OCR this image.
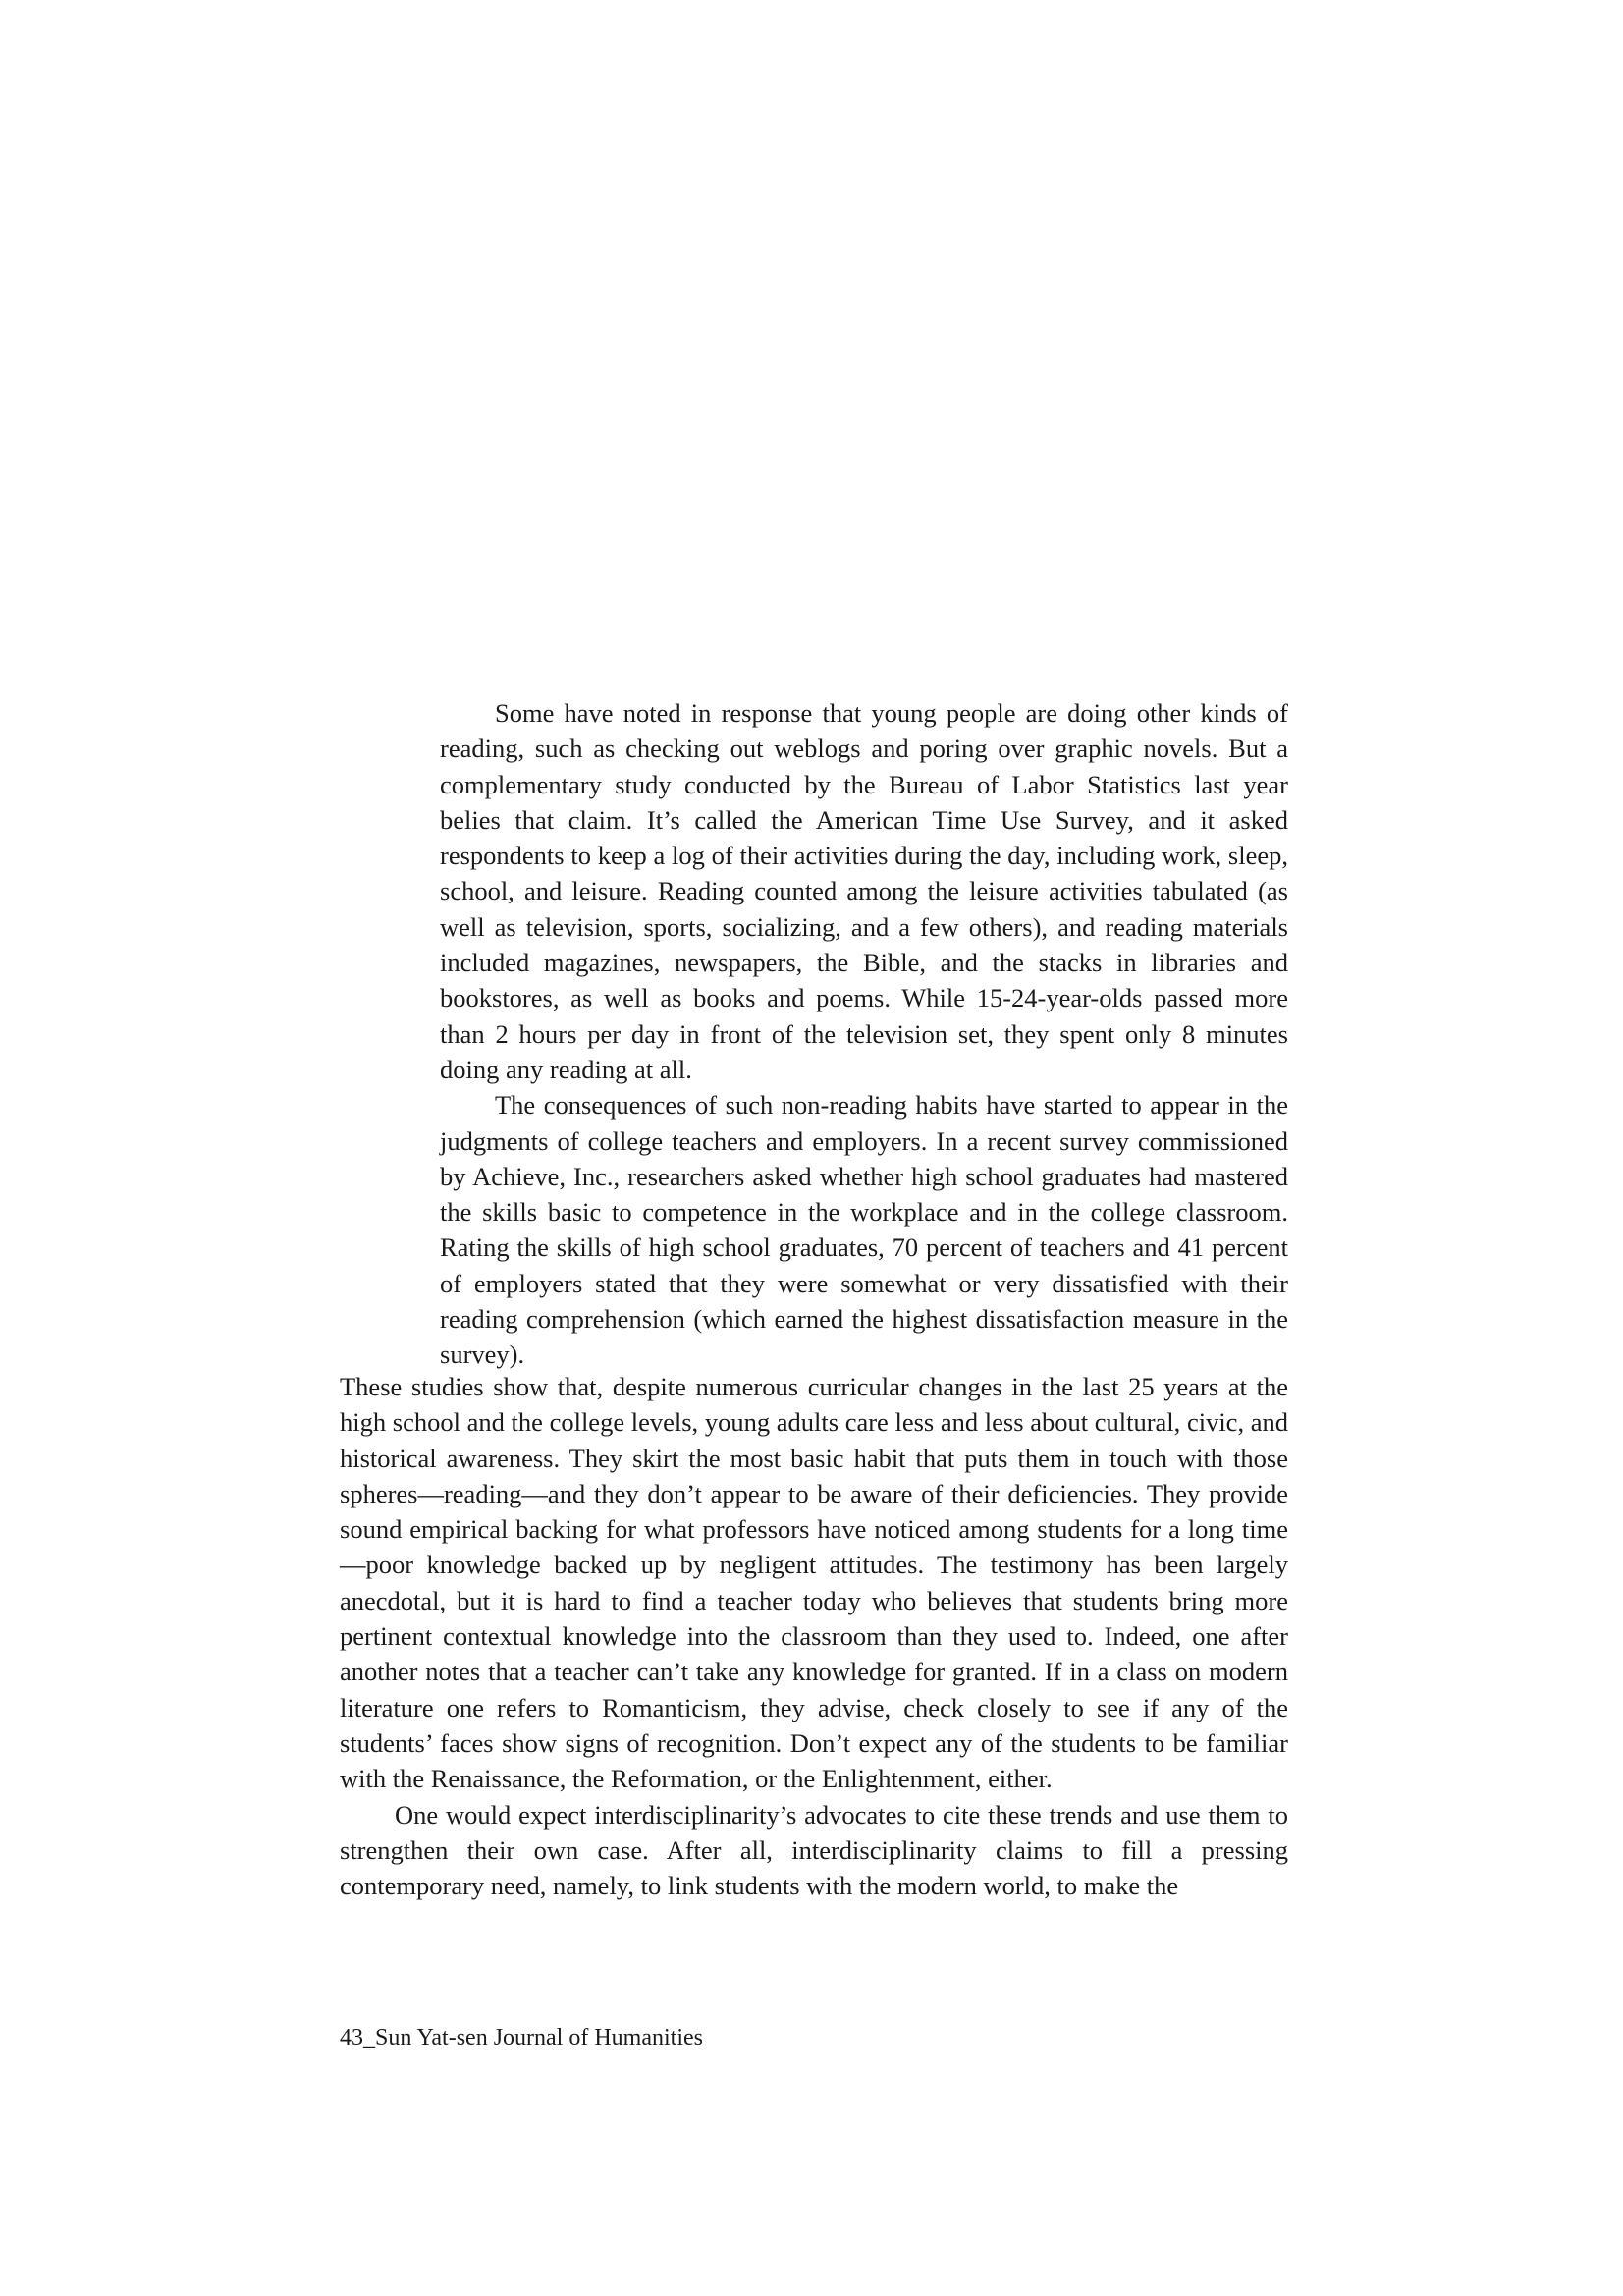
Some have noted in response that young people are doing other kinds of reading, such as checking out weblogs and poring over graphic novels. But a complementary study conducted by the Bureau of Labor Statistics last year belies that claim. It’s called the American Time Use Survey, and it asked respondents to keep a log of their activities during the day, including work, sleep, school, and leisure. Reading counted among the leisure activities tabulated (as well as television, sports, socializing, and a few others), and reading materials included magazines, newspapers, the Bible, and the stacks in libraries and bookstores, as well as books and poems. While 15-24-year-olds passed more than 2 hours per day in front of the television set, they spent only 8 minutes doing any reading at all.

The consequences of such non-reading habits have started to appear in the judgments of college teachers and employers. In a recent survey commissioned by Achieve, Inc., researchers asked whether high school graduates had mastered the skills basic to competence in the workplace and in the college classroom. Rating the skills of high school graduates, 70 percent of teachers and 41 percent of employers stated that they were somewhat or very dissatisfied with their reading comprehension (which earned the highest dissatisfaction measure in the survey).

These studies show that, despite numerous curricular changes in the last 25 years at the high school and the college levels, young adults care less and less about cultural, civic, and historical awareness. They skirt the most basic habit that puts them in touch with those spheres—reading—and they don’t appear to be aware of their deficiencies. They provide sound empirical backing for what professors have noticed among students for a long time—poor knowledge backed up by negligent attitudes. The testimony has been largely anecdotal, but it is hard to find a teacher today who believes that students bring more pertinent contextual knowledge into the classroom than they used to. Indeed, one after another notes that a teacher can’t take any knowledge for granted. If in a class on modern literature one refers to Romanticism, they advise, check closely to see if any of the students’ faces show signs of recognition. Don’t expect any of the students to be familiar with the Renaissance, the Reformation, or the Enlightenment, either.

One would expect interdisciplinarity’s advocates to cite these trends and use them to strengthen their own case. After all, interdisciplinarity claims to fill a pressing contemporary need, namely, to link students with the modern world, to make the

43_Sun Yat-sen Journal of Humanities
